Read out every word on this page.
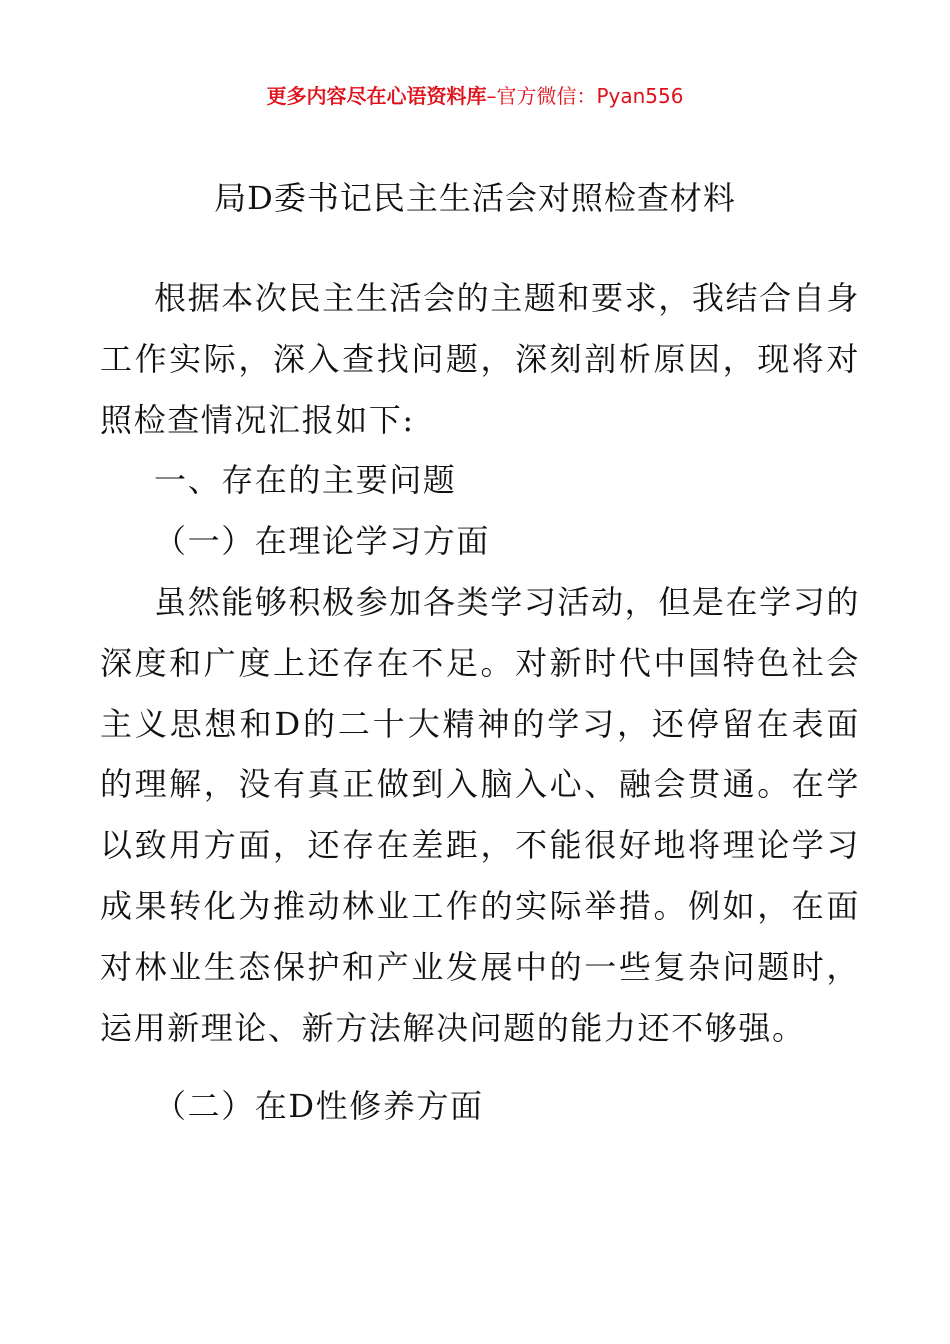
更多内容尽在心语资料库–官方微信：Pyan556
局D委书记民主生活会对照检查材料

根据本次民主生活会的主题和要求，我结合自身工作实际，深入查找问题，深刻剖析原因，现将对照检查情况汇报如下:

一、存在的主要问题

（一）在理论学习方面

虽然能够积极参加各类学习活动，但是在学习的深度和广度上还存在不足。对新时代中国特色社会主义思想和D的二十大精神的学习，还停留在表面的理解，没有真正做到入脑入心、融会贯通。在学以致用方面，还存在差距，不能很好地将理论学习成果转化为推动林业工作的实际举措。例如，在面对林业生态保护和产业发展中的一些复杂问题时，运用新理论、新方法解决问题的能力还不够强。

（二）在D性修养方面
